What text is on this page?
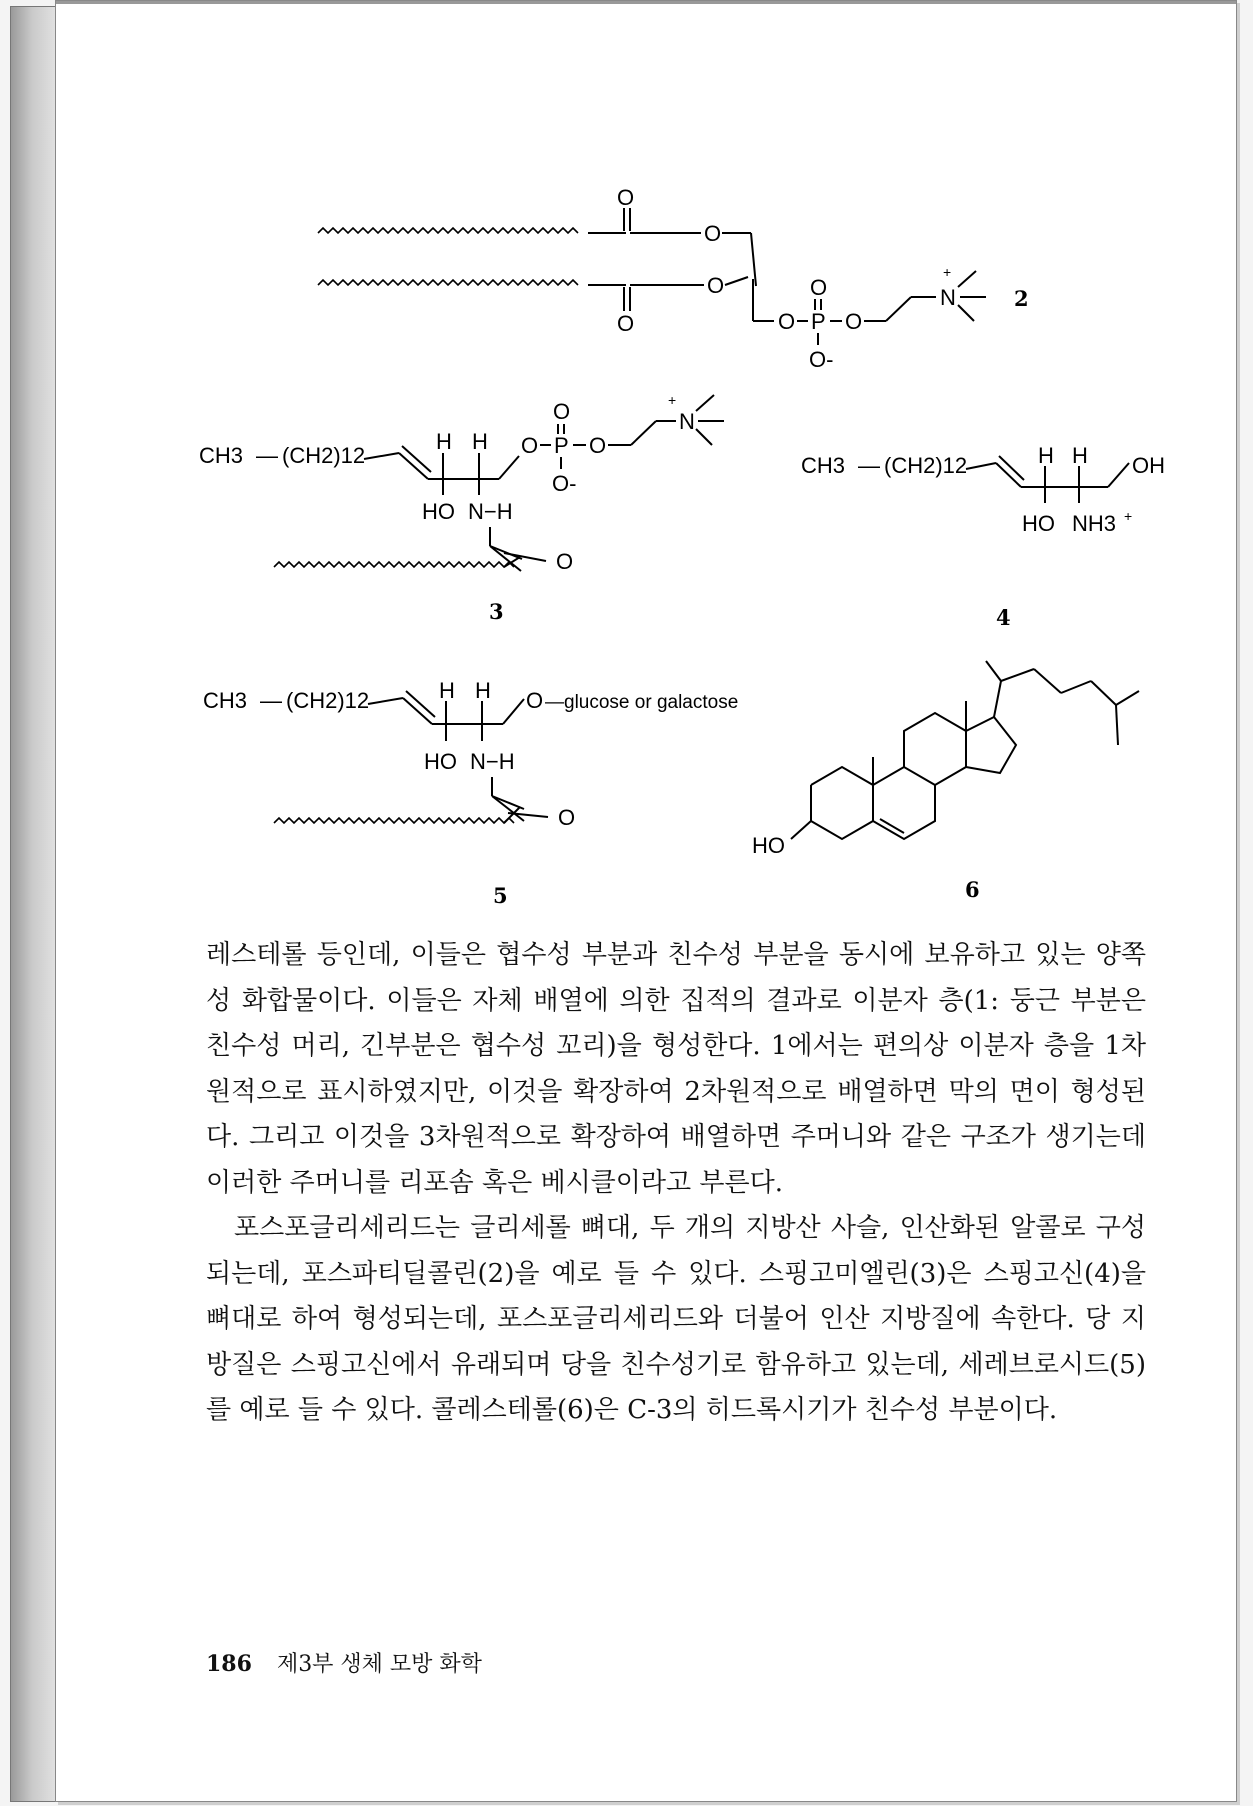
O
O
O
O
O P
O
O-
O
N
+
2
CH3 — (CH2)12
H H
HO N−H
O P
O
O-
O
N
+
O
3
CH3 — (CH2)12	H H
HO NH3 +
OH
4
CH3 — (CH2)12	H H
HO N−H
O —glucose or galactose
O
5
HO
6

레스테롤 등인데, 이들은 협수성 부분과 친수성 부분을 동시에 보유하고 있는 양쪽성 화합물이다. 이들은 자체 배열에 의한 집적의 결과로 이분자 층(1: 둥근 부분은 친수성 머리, 긴부분은 협수성 꼬리)을 형성한다. 1에서는 편의상 이분자 층을 1차원적으로 표시하였지만, 이것을 확장하여 2차원적으로 배열하면 막의 면이 형성된다. 그리고 이것을 3차원적으로 확장하여 배열하면 주머니와 같은 구조가 생기는데 이러한 주머니를 리포솜 혹은 베시클이라고 부른다.

포스포글리세리드는 글리세롤 뼈대, 두 개의 지방산 사슬, 인산화된 알콜로 구성되는데, 포스파티딜콜린(2)을 예로 들 수 있다. 스핑고미엘린(3)은 스핑고신(4)을 뼈대로 하여 형성되는데, 포스포글리세리드와 더불어 인산 지방질에 속한다. 당 지방질은 스핑고신에서 유래되며 당을 친수성기로 함유하고 있는데, 세레브로시드(5)를 예로 들 수 있다. 콜레스테롤(6)은 C-3의 히드록시기가 친수성 부분이다.

186 제3부 생체 모방 화학
